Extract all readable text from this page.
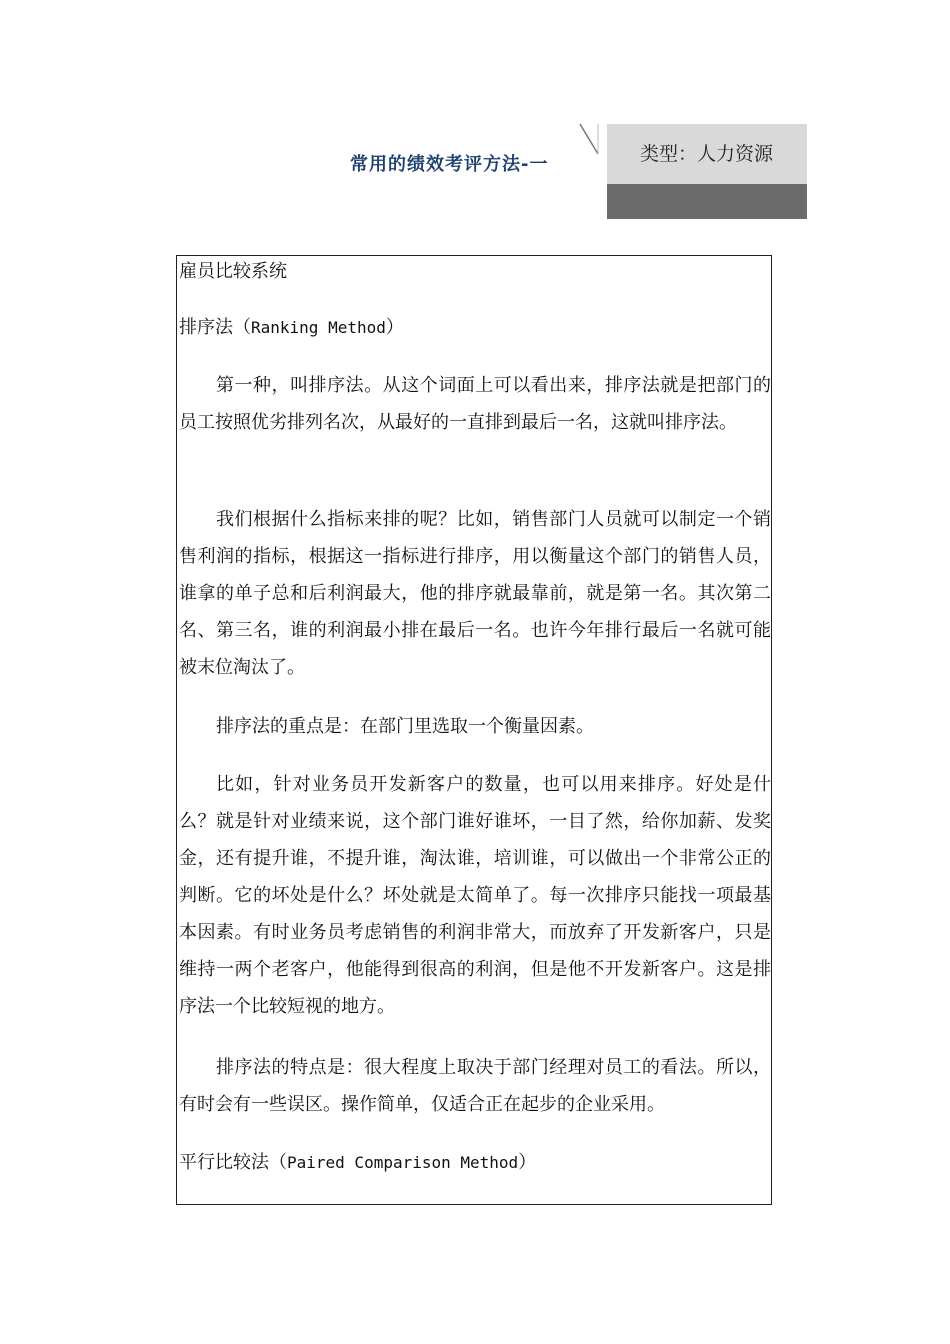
常用的绩效考评方法-一	类型：人力资源
雇员比较系统
排序法（Ranking Method）

第一种，叫排序法。从这个词面上可以看出来，排序法就是把部门的员工按照优劣排列名次，从最好的一直排到最后一名，这就叫排序法。

我们根据什么指标来排的呢？比如，销售部门人员就可以制定一个销售利润的指标，根据这一指标进行排序，用以衡量这个部门的销售人员，谁拿的单子总和后利润最大，他的排序就最靠前，就是第一名。其次第二名、第三名，谁的利润最小排在最后一名。也许今年排行最后一名就可能被末位淘汰了。

排序法的重点是：在部门里选取一个衡量因素。

比如，针对业务员开发新客户的数量，也可以用来排序。好处是什么？就是针对业绩来说，这个部门谁好谁坏，一目了然，给你加薪、发奖金，还有提升谁，不提升谁，淘汰谁，培训谁，可以做出一个非常公正的判断。它的坏处是什么？坏处就是太简单了。每一次排序只能找一项最基本因素。有时业务员考虑销售的利润非常大，而放弃了开发新客户，只是维持一两个老客户，他能得到很高的利润，但是他不开发新客户。这是排序法一个比较短视的地方。

排序法的特点是：很大程度上取决于部门经理对员工的看法。所以，有时会有一些误区。操作简单，仅适合正在起步的企业采用。

平行比较法（Paired Comparison Method）
